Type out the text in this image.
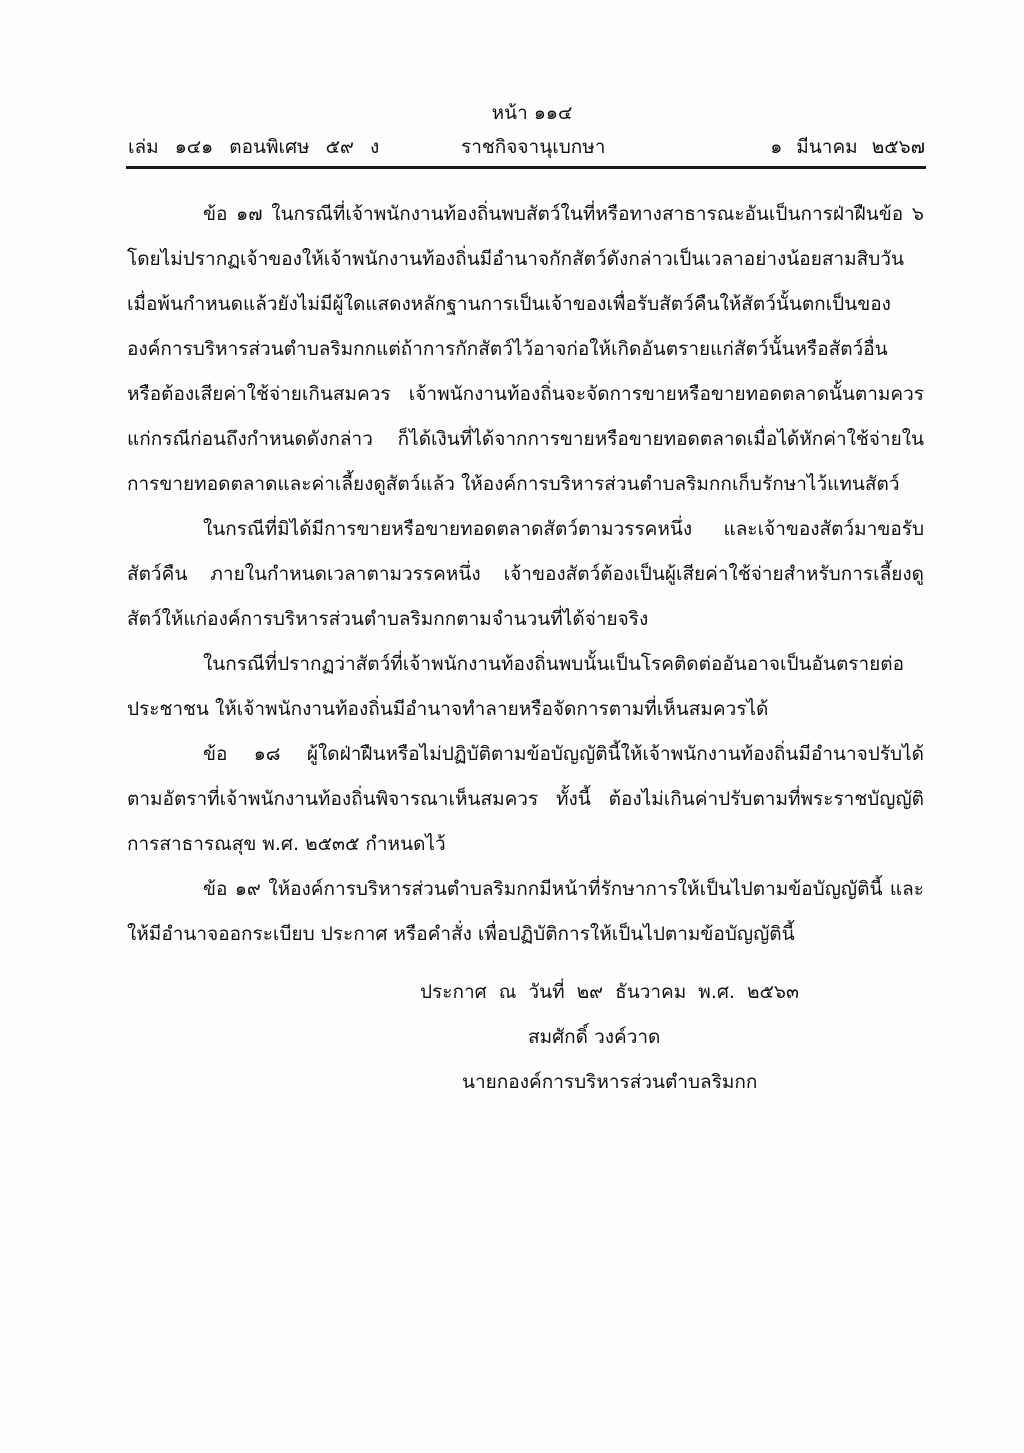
หน้า ๑๑๔
เล่ม ๑๔๑ ตอนพิเศษ ๕๙ ง	ราชกิจจานุเบกษา	๑ มีนาคม ๒๕๖๗

ข้อ ๑๗ ในกรณีที่เจ้าพนักงานท้องถิ่นพบสัตว์ในที่หรือทางสาธารณะอันเป็นการฝ่าฝืนข้อ ๖ โดยไม่ปรากฏเจ้าของให้เจ้าพนักงานท้องถิ่นมีอำนาจกักสัตว์ดังกล่าวเป็นเวลาอย่างน้อยสามสิบวัน เมื่อพ้นกำหนดแล้วยังไม่มีผู้ใดแสดงหลักฐานการเป็นเจ้าของเพื่อรับสัตว์คืนให้สัตว์นั้นตกเป็นขององค์การบริหารส่วนตำบลริมกกแต่ถ้าการกักสัตว์ไว้อาจก่อให้เกิดอันตรายแก่สัตว์นั้นหรือสัตว์อื่น หรือต้องเสียค่าใช้จ่ายเกินสมควร เจ้าพนักงานท้องถิ่นจะจัดการขายหรือขายทอดตลาดนั้นตามควรแก่กรณีก่อนถึงกำหนดดังกล่าว ก็ได้เงินที่ได้จากการขายหรือขายทอดตลาดเมื่อได้หักค่าใช้จ่ายในการขายทอดตลาดและค่าเลี้ยงดูสัตว์แล้ว ให้องค์การบริหารส่วนตำบลริมกกเก็บรักษาไว้แทนสัตว์

ในกรณีที่มิได้มีการขายหรือขายทอดตลาดสัตว์ตามวรรคหนึ่ง และเจ้าของสัตว์มาขอรับสัตว์คืน ภายในกำหนดเวลาตามวรรคหนึ่ง เจ้าของสัตว์ต้องเป็นผู้เสียค่าใช้จ่ายสำหรับการเลี้ยงดูสัตว์ให้แก่องค์การบริหารส่วนตำบลริมกกตามจำนวนที่ได้จ่ายจริง

ในกรณีที่ปรากฏว่าสัตว์ที่เจ้าพนักงานท้องถิ่นพบนั้นเป็นโรคติดต่ออันอาจเป็นอันตรายต่อประชาชน ให้เจ้าพนักงานท้องถิ่นมีอำนาจทำลายหรือจัดการตามที่เห็นสมควรได้

ข้อ ๑๘ ผู้ใดฝ่าฝืนหรือไม่ปฏิบัติตามข้อบัญญัตินี้ให้เจ้าพนักงานท้องถิ่นมีอำนาจปรับได้ ตามอัตราที่เจ้าพนักงานท้องถิ่นพิจารณาเห็นสมควร ทั้งนี้ ต้องไม่เกินค่าปรับตามที่พระราชบัญญัติ การสาธารณสุข พ.ศ. ๒๕๓๕ กำหนดไว้

ข้อ ๑๙ ให้องค์การบริหารส่วนตำบลริมกกมีหน้าที่รักษาการให้เป็นไปตามข้อบัญญัตินี้ และให้มีอำนาจออกระเบียบ ประกาศ หรือคำสั่ง เพื่อปฏิบัติการให้เป็นไปตามข้อบัญญัตินี้

ประกาศ ณ วันที่ ๒๙ ธันวาคม พ.ศ. ๒๕๖๓
สมศักดิ์ วงค์วาด
นายกองค์การบริหารส่วนตำบลริมกก
